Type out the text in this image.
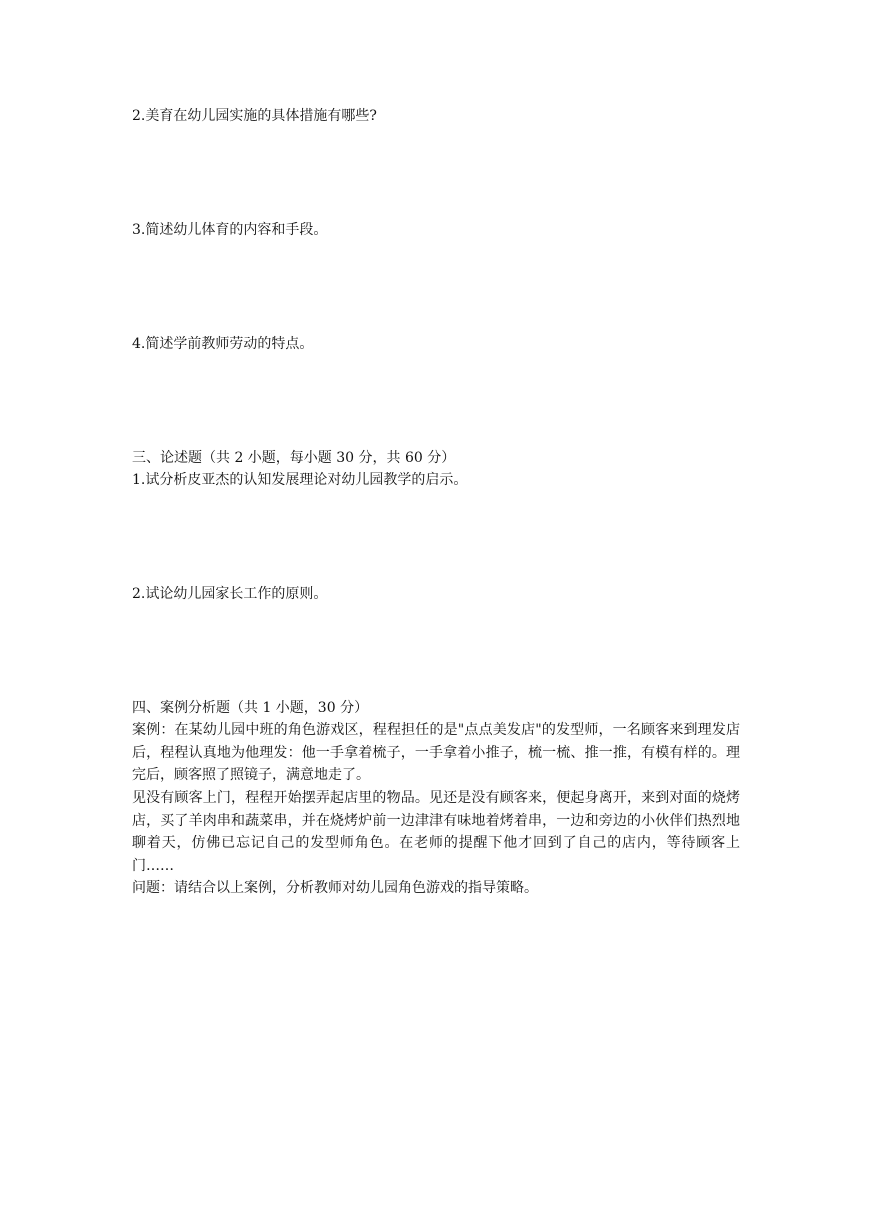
2.美育在幼儿园实施的具体措施有哪些?
3.简述幼儿体育的内容和手段。
4.简述学前教师劳动的特点。
三、论述题（共 2 小题，每小题 30 分，共 60 分）
1.试分析皮亚杰的认知发展理论对幼儿园教学的启示。
2.试论幼儿园家长工作的原则。
四、案例分析题（共 1 小题，30 分）
案例：在某幼儿园中班的角色游戏区，程程担任的是"点点美发店"的发型师，一名顾客来到理发店后，程程认真地为他理发：他一手拿着梳子，一手拿着小推子，梳一梳、推一推，有模有样的。理完后，顾客照了照镜子，满意地走了。
见没有顾客上门，程程开始摆弄起店里的物品。见还是没有顾客来，便起身离开，来到对面的烧烤店，买了羊肉串和蔬菜串，并在烧烤炉前一边津津有味地着烤着串，一边和旁边的小伙伴们热烈地聊着天，仿佛已忘记自己的发型师角色。在老师的提醒下他才回到了自己的店内，等待顾客上门……
问题：请结合以上案例，分析教师对幼儿园角色游戏的指导策略。
